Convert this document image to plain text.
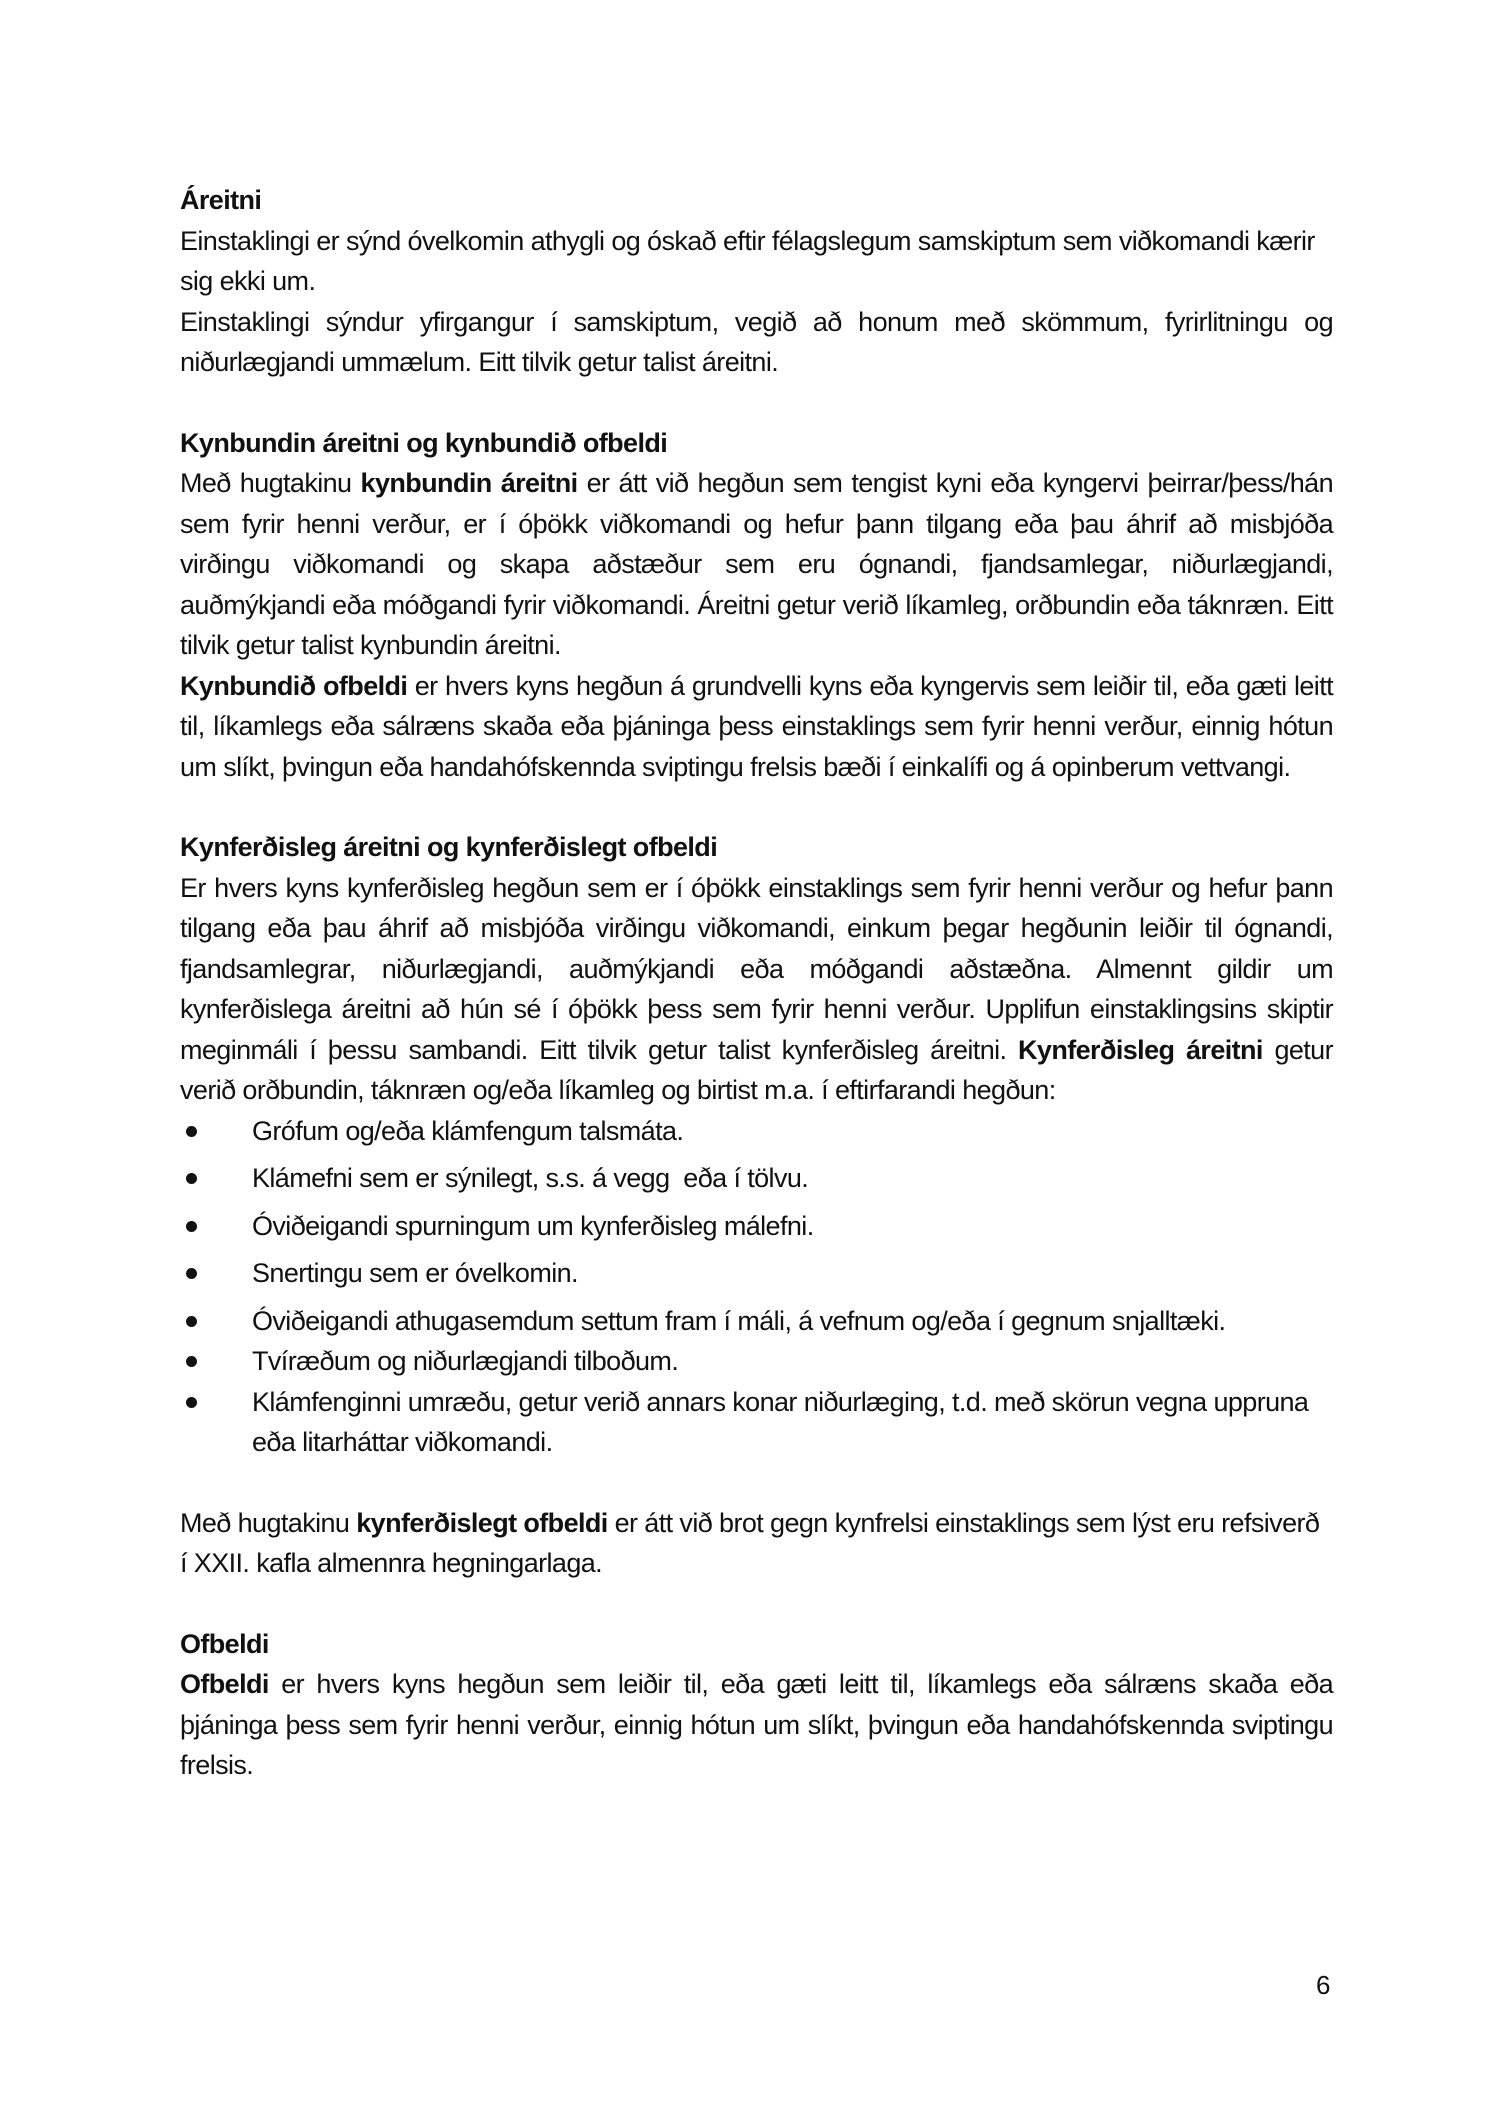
Áreitni

Einstaklingi er sýnd óvelkomin athygli og óskað eftir félagslegum samskiptum sem viðkomandi kærir sig ekki um.

Einstaklingi sýndur yfirgangur í samskiptum, vegið að honum með skömmum, fyrirlitningu og niðurlægjandi ummælum. Eitt tilvik getur talist áreitni.

Kynbundin áreitni og kynbundið ofbeldi

Með hugtakinu kynbundin áreitni er átt við hegðun sem tengist kyni eða kyngervi þeirrar/þess/hán sem fyrir henni verður, er í óþökk viðkomandi og hefur þann tilgang eða þau áhrif að misbjóða virðingu viðkomandi og skapa aðstæður sem eru ógnandi, fjandsamlegar, niðurlægjandi, auðmýkjandi eða móðgandi fyrir viðkomandi. Áreitni getur verið líkamleg, orðbundin eða táknræn. Eitt tilvik getur talist kynbundin áreitni.

Kynbundið ofbeldi er hvers kyns hegðun á grundvelli kyns eða kyngervis sem leiðir til, eða gæti leitt til, líkamlegs eða sálræns skaða eða þjáninga þess einstaklings sem fyrir henni verður, einnig hótun um slíkt, þvingun eða handahófskennda sviptingu frelsis bæði í einkalífi og á opinberum vettvangi.

Kynferðisleg áreitni og kynferðislegt ofbeldi

Er hvers kyns kynferðisleg hegðun sem er í óþökk einstaklings sem fyrir henni verður og hefur þann tilgang eða þau áhrif að misbjóða virðingu viðkomandi, einkum þegar hegðunin leiðir til ógnandi, fjandsamlegrar, niðurlægjandi, auðmýkjandi eða móðgandi aðstæðna. Almennt gildir um kynferðislega áreitni að hún sé í óþökk þess sem fyrir henni verður. Upplifun einstaklingsins skiptir meginmáli í þessu sambandi. Eitt tilvik getur talist kynferðisleg áreitni. Kynferðisleg áreitni getur verið orðbundin, táknræn og/eða líkamleg og birtist m.a. í eftirfarandi hegðun:

Grófum og/eða klámfengum talsmáta.
Klámefni sem er sýnilegt, s.s. á vegg  eða í tölvu.
Óviðeigandi spurningum um kynferðisleg málefni.
Snertingu sem er óvelkomin.
Óviðeigandi athugasemdum settum fram í máli, á vefnum og/eða í gegnum snjalltæki.
Tvíræðum og niðurlægjandi tilboðum.
Klámfenginni umræðu, getur verið annars konar niðurlæging, t.d. með skörun vegna uppruna eða litarháttar viðkomandi.

Með hugtakinu kynferðislegt ofbeldi er átt við brot gegn kynfrelsi einstaklings sem lýst eru refsiverð í XXII. kafla almennra hegningarlaga.

Ofbeldi

Ofbeldi er hvers kyns hegðun sem leiðir til, eða gæti leitt til, líkamlegs eða sálræns skaða eða þjáninga þess sem fyrir henni verður, einnig hótun um slíkt, þvingun eða handahófskennda sviptingu frelsis.

6
